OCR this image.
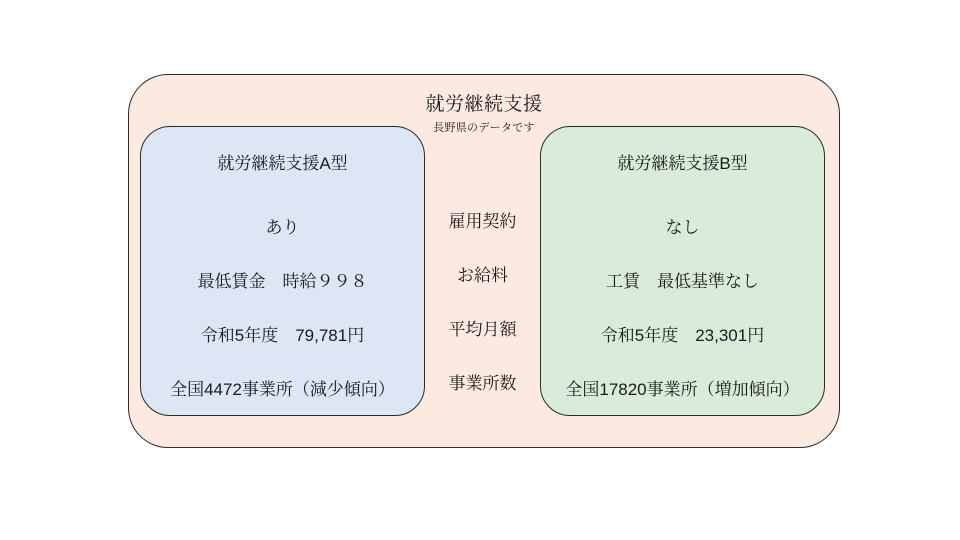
就労継続支援
長野県のデータです
就労継続支援A型
あり
最低賃金　時給９９８
令和5年度　79,781円
全国4472事業所（減少傾向）
就労継続支援B型
なし
工賃　最低基準なし
令和5年度　23,301円
全国17820事業所（増加傾向）
雇用契約
お給料
平均月額
事業所数
